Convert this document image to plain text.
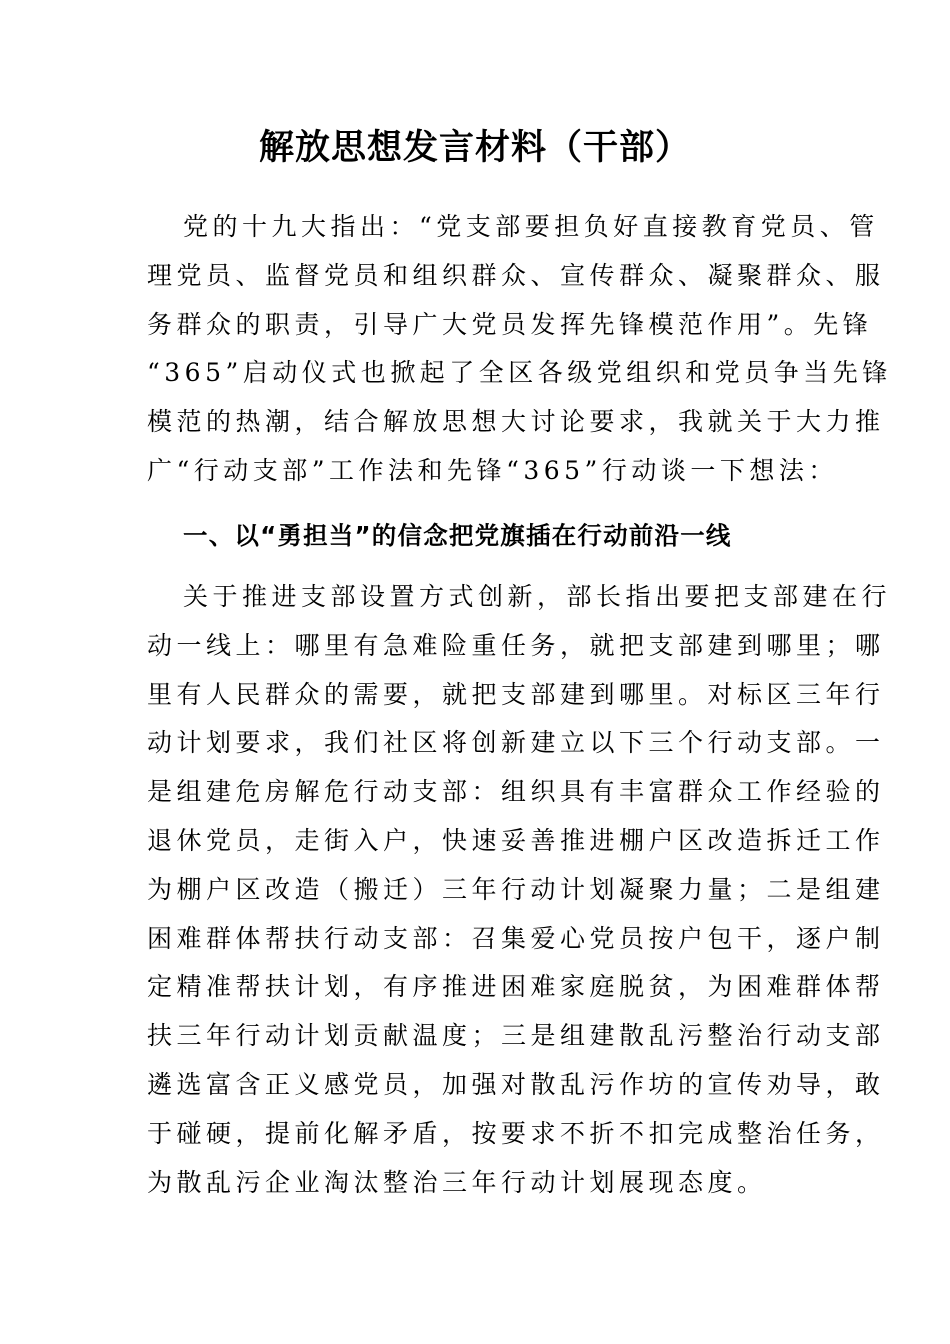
解放思想发言材料（干部）
党的十九大指出：“党支部要担负好直接教育党员、管
理党员、监督党员和组织群众、宣传群众、凝聚群众、服
务群众的职责，引导广大党员发挥先锋模范作用”。先锋
“365”启动仪式也掀起了全区各级党组织和党员争当先锋
模范的热潮，结合解放思想大讨论要求，我就关于大力推
广“行动支部”工作法和先锋“365”行动谈一下想法：
一、以“勇担当”的信念把党旗插在行动前沿一线
关于推进支部设置方式创新，部长指出要把支部建在行
动一线上：哪里有急难险重任务，就把支部建到哪里；哪
里有人民群众的需要，就把支部建到哪里。对标区三年行
动计划要求，我们社区将创新建立以下三个行动支部。一
是组建危房解危行动支部：组织具有丰富群众工作经验的
退休党员，走街入户，快速妥善推进棚户区改造拆迁工作
为棚户区改造（搬迁）三年行动计划凝聚力量；二是组建
困难群体帮扶行动支部：召集爱心党员按户包干，逐户制
定精准帮扶计划，有序推进困难家庭脱贫，为困难群体帮
扶三年行动计划贡献温度；三是组建散乱污整治行动支部
遴选富含正义感党员，加强对散乱污作坊的宣传劝导，敢
于碰硬，提前化解矛盾，按要求不折不扣完成整治任务，
为散乱污企业淘汰整治三年行动计划展现态度。
